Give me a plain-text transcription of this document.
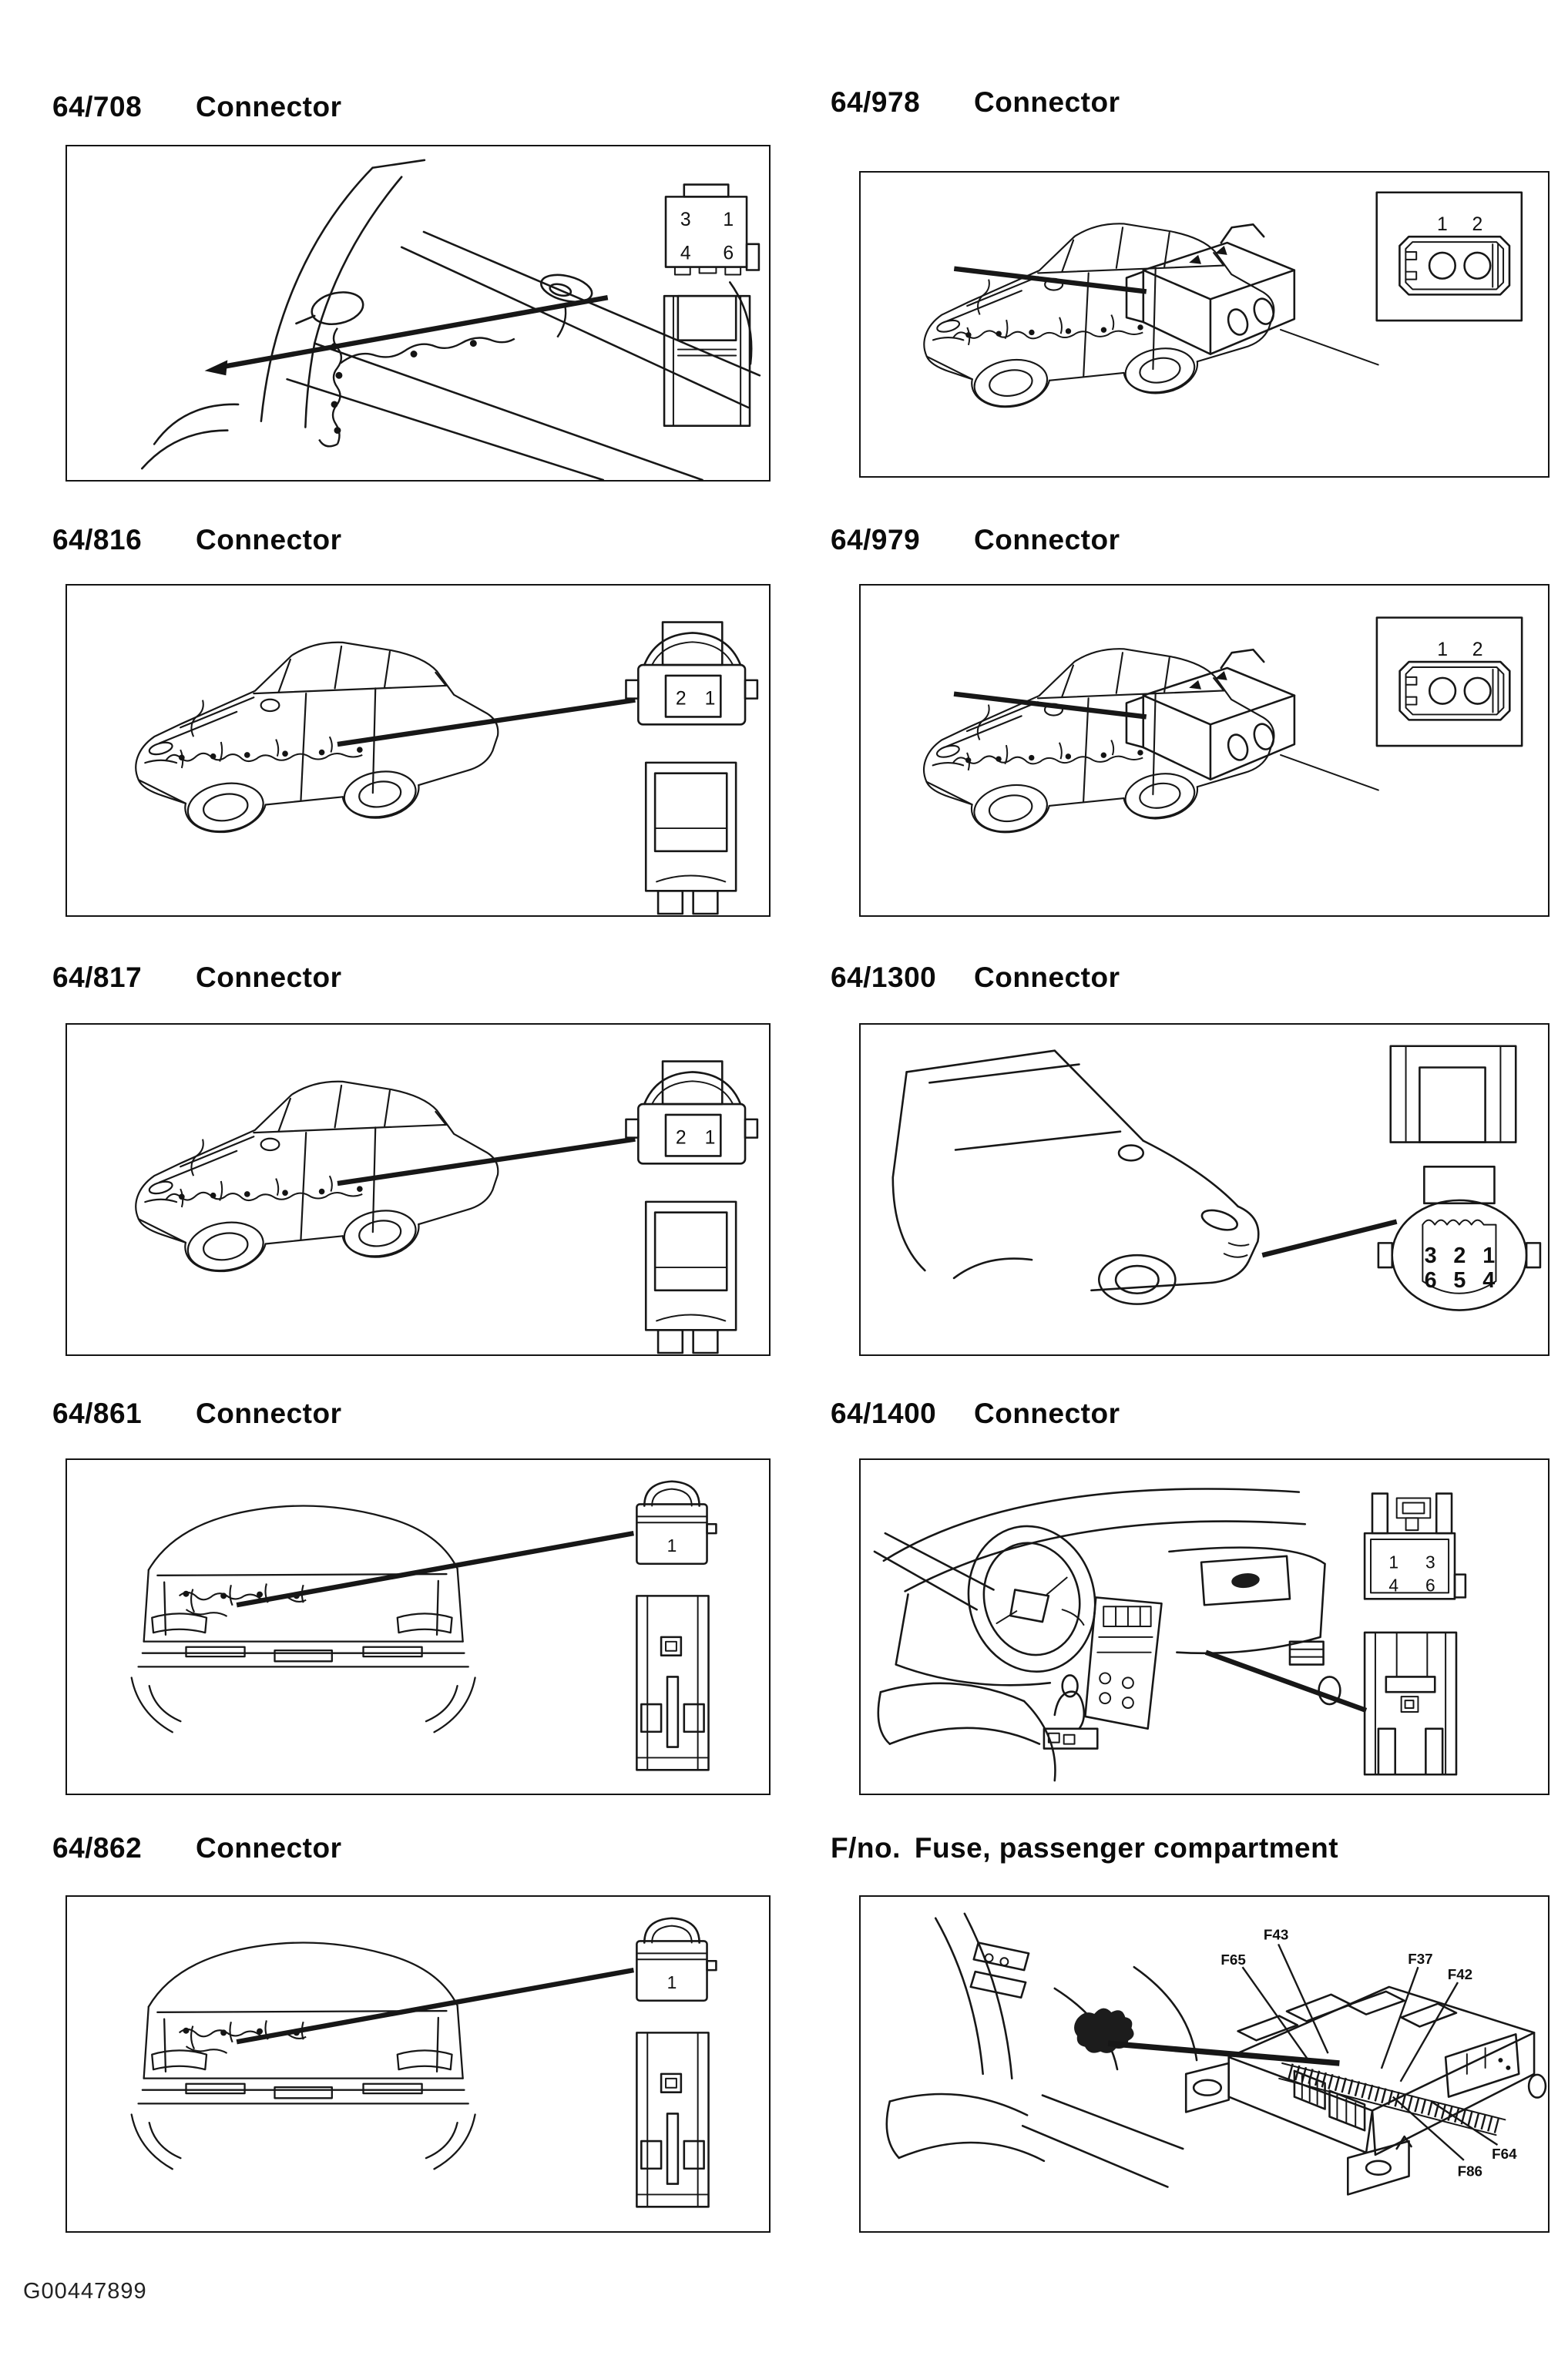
64/708 Connector	64/978 Connector
64/816 Connector	64/979 Connector
64/817 Connector	64/1300 Connector
64/861 Connector	64/1400 Connector
64/862 Connector	F/no. Fuse, passenger compartment
3 1
4 6
1 2
2 1
1 2
2 1
3 2 1
6 5 4
1
1 3
4 6
1
F43
F65	F37
F42
F64
F86
G00447899
